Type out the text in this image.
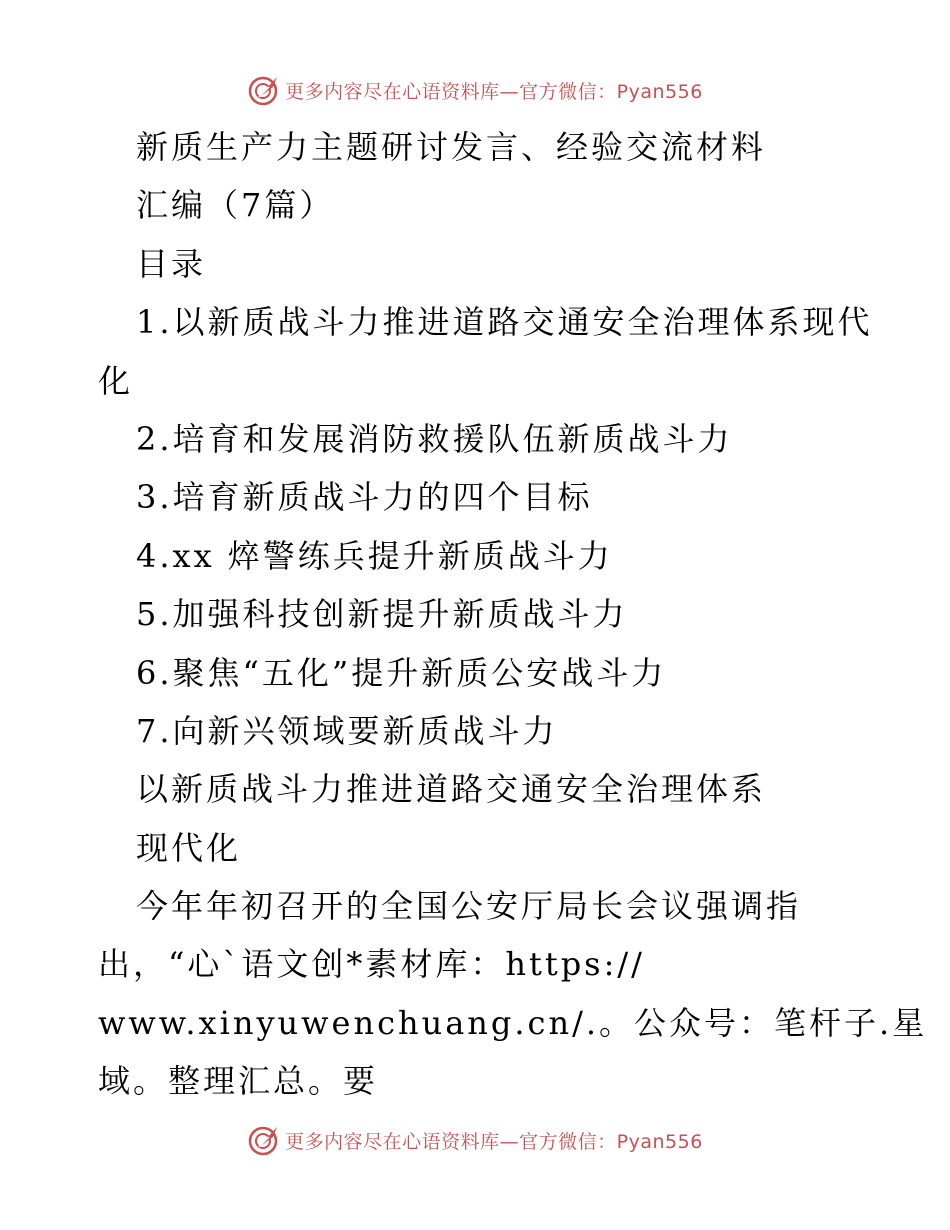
更多内容尽在心语资料库—官方微信：Pyan556
新质生产力主题研讨发言、经验交流材料
汇编（7篇）
目录
1.以新质战斗力推进道路交通安全治理体系现代
化
2.培育和发展消防救援队伍新质战斗力
3.培育新质战斗力的四个目标
4.xx 焠警练兵提升新质战斗力
5.加强科技创新提升新质战斗力
6.聚焦“五化”提升新质公安战斗力
7.向新兴领域要新质战斗力
以新质战斗力推进道路交通安全治理体系
现代化
今年年初召开的全国公安厅局长会议强调指
出，“心`语文创*素材库：https://
www.xinyuwenchuang.cn/.。公众号：笔杆子.星
域。整理汇总。要
更多内容尽在心语资料库—官方微信：Pyan556
